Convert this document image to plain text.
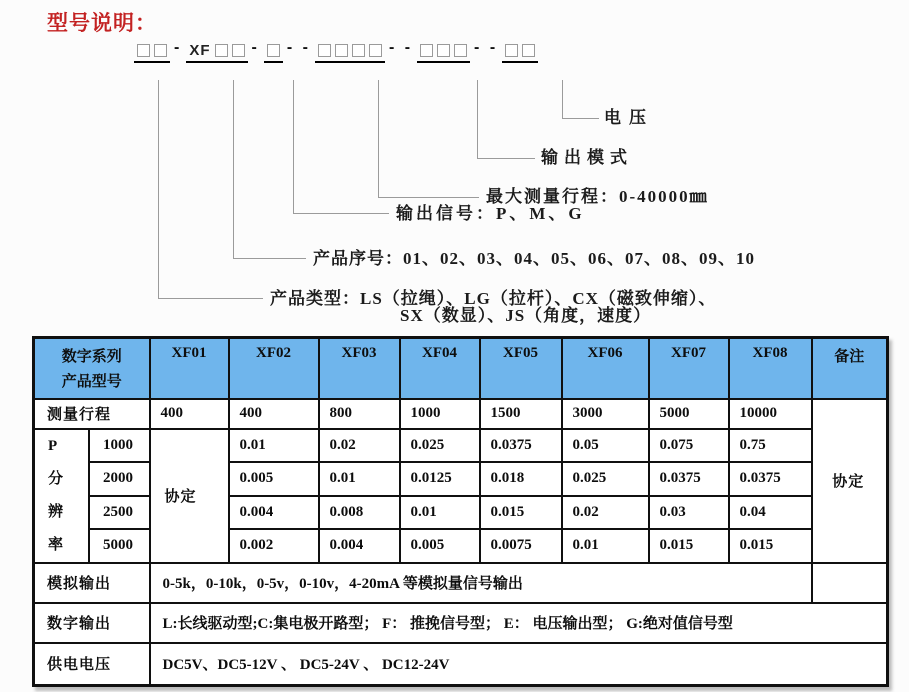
型号说明：
- XF	- - -	- -	- -
电压
输出模式
最大测量行程：0-40000㎜
输出信号：P、M、G
产品序号：01、02、03、04、05、06、07、08、09、10
产品类型：LS（拉绳）、LG（拉杆）、CX（磁致伸缩）、
SX（数显）、JS（角度，速度）
数字系列
产品型号		XF01	XF02	XF03	XF04	XF05	XF06	XF07	XF08	备注
测量行程		400	400	800	1000	1500	3000	5000	10000	协定

P
分
辨
率	1000	协定	0.01	0.02	0.025	0.0375	0.05	0.075	0.75	
	2000		0.005	0.01	0.0125	0.018	0.025	0.0375	0.0375	
	2500		0.004	0.008	0.01	0.015	0.02	0.03	0.04	
	5000		0.002	0.004	0.005	0.0075	0.01	0.015	0.015	
模拟输出		0-5k，0-10k，0-5v，0-10v，4-20mA 等模拟量信号输出								
数字输出		L:长线驱动型;C:集电极开路型； F： 推挽信号型； E： 电压输出型； G:绝对值信号型								
供电电压		DC5V、DC5-12V 、 DC5-24V 、 DC12-24V								
